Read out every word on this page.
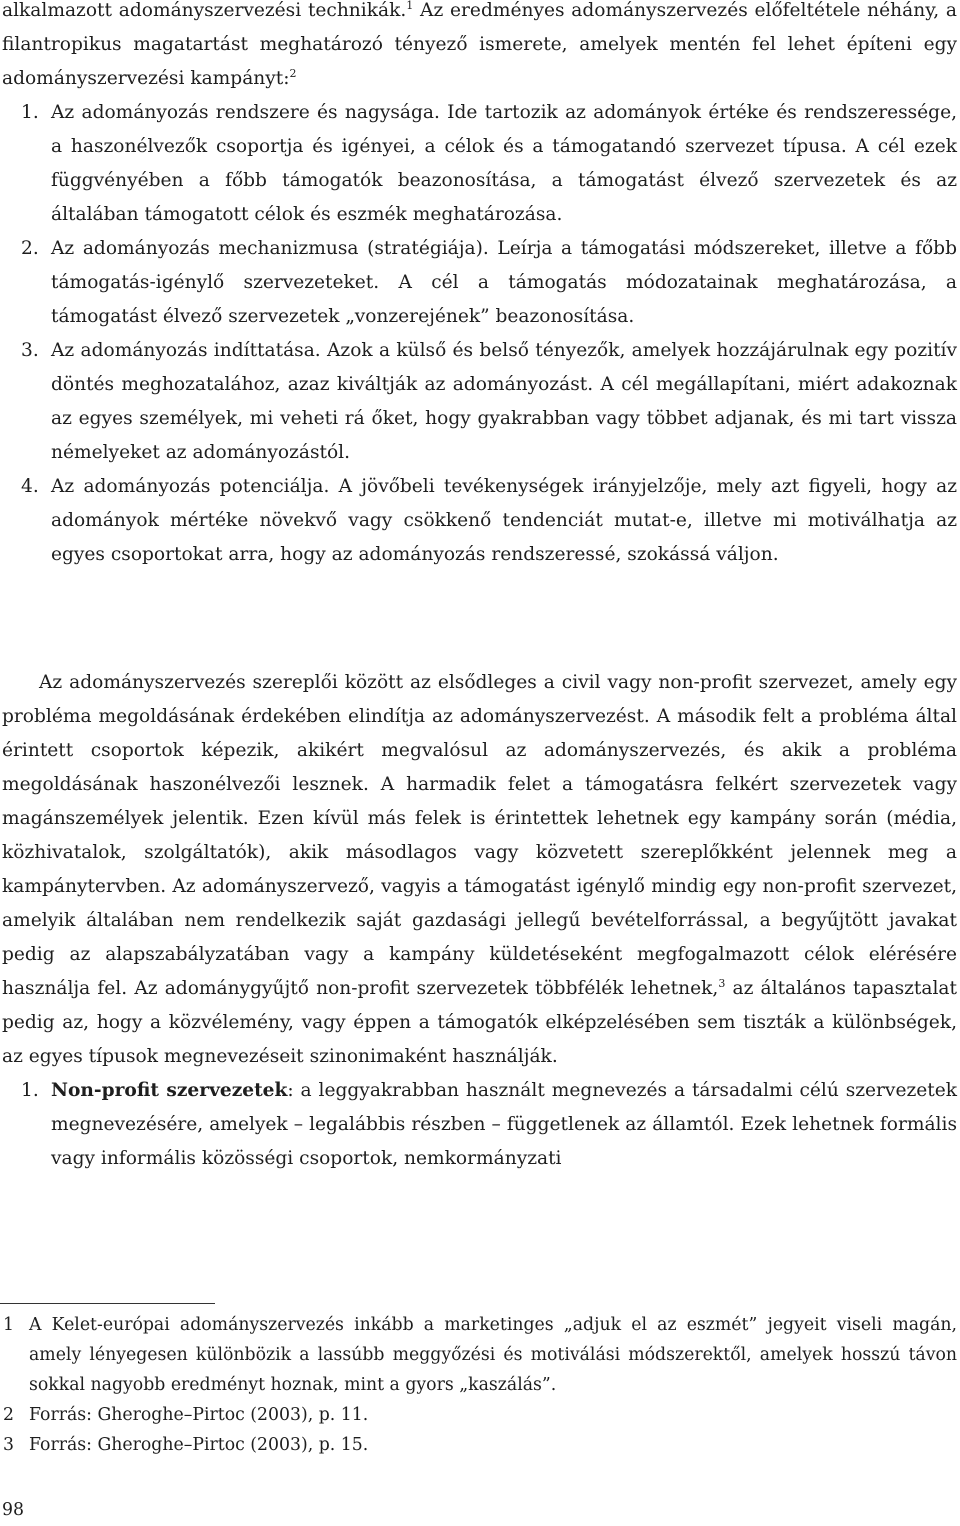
alkalmazott adományszervezési technikák.$^1$ Az eredményes adományszervezés előfeltétele néhány, a filantropikus magatartást meghatározó tényező ismerete, amelyek mentén fel lehet építeni egy adományszervezési kampányt:$^2$

1. Az adományozás rendszere és nagysága. Ide tartozik az adományok értéke és rendszeressége, a haszonélvezők csoportja és igényei, a célok és a támogatandó szervezet típusa. A cél ezek függvényében a főbb támogatók beazonosítása, a támogatást élvező szervezetek és az általában támogatott célok és eszmék meghatározása.
2. Az adományozás mechanizmusa (stratégiája). Leírja a támogatási módszereket, illetve a főbb támogatás-igénylő szervezeteket. A cél a támogatás módozatainak meghatározása, a támogatást élvező szervezetek „vonzerejének” beazonosítása.
3. Az adományozás indíttatása. Azok a külső és belső tényezők, amelyek hozzájárulnak egy pozitív döntés meghozatalához, azaz kiváltják az adományozást. A cél megállapítani, miért adakoznak az egyes személyek, mi veheti rá őket, hogy gyakrabban vagy többet adjanak, és mi tart vissza némelyeket az adományozástól.
4. Az adományozás potenciálja. A jövőbeli tevékenységek irányjelzője, mely azt figyeli, hogy az adományok mértéke növekvő vagy csökkenő tendenciát mutat-e, illetve mi motiválhatja az egyes csoportokat arra, hogy az adományozás rendszeressé, szokássá váljon.

Az adományszervezés szereplői között az elsődleges a civil vagy non-profit szervezet, amely egy probléma megoldásának érdekében elindítja az adományszervezést. A második felt a probléma által érintett csoportok képezik, akikért megvalósul az adományszervezés, és akik a probléma megoldásának haszonélvezői lesznek. A harmadik felet a támogatásra felkért szervezetek vagy magánszemélyek jelentik. Ezen kívül más felek is érintettek lehetnek egy kampány során (média, közhivatalok, szolgáltatók), akik másodlagos vagy közvetett szereplőkként jelennek meg a kampánytervben. Az adományszervező, vagyis a támogatást igénylő mindig egy non-profit szervezet, amelyik általában nem rendelkezik saját gazdasági jellegű bevételforrással, a begyűjtött javakat pedig az alapszabályzatában vagy a kampány küldetéseként megfogalmazott célok elérésére használja fel. Az adománygyűjtő non-profit szervezetek többfélék lehetnek,$^3$ az általános tapasztalat pedig az, hogy a közvélemény, vagy éppen a támogatók elképzelésében sem tiszták a különbségek, az egyes típusok megnevezéseit szinonimaként használják.

1. Non-profit szervezetek: a leggyakrabban használt megnevezés a társadalmi célú szervezetek megnevezésére, amelyek – legalábbis részben – függetlenek az államtól. Ezek lehetnek formális vagy informális közösségi csoportok, nemkormányzati
1 A Kelet-európai adományszervezés inkább a marketinges „adjuk el az eszmét” jegyeit viseli magán, amely lényegesen különbözik a lassúbb meggyőzési és motiválási módszerektől, amelyek hosszú távon sokkal nagyobb eredményt hoznak, mint a gyors „kaszálás”.
2 Forrás: Gheroghe–Pirtoc (2003), p. 11.
3 Forrás: Gheroghe–Pirtoc (2003), p. 15.
98
